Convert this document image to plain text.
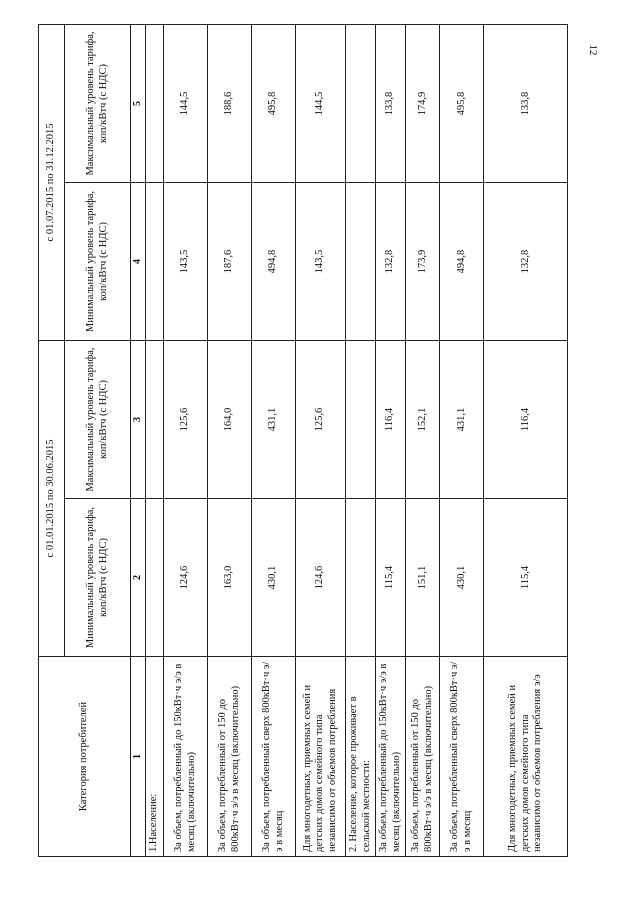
12
Категория потребителей	с 01.01.2015 по 30.06.2015		с 01.07.2015 по 31.12.2015	
	Минимальный уровень тарифа, коп/кВтч (с НДС)	Максимальный уровень тарифа, коп/кВтч (с НДС)	Минимальный уровень тарифа, коп/кВтч (с НДС)	Максимальный уровень тарифа, коп/кВтч (с НДС)
1	2	3	4	5
1.Население:				
За объем, потребленный до 150кВт·ч э/э в месяц (включительно)	124,6	125,6	143,5	144,5
За объем, потребленный от 150 до 800кВт·ч э/э в месяц (включительно)	163,0	164,0	187,6	188,6
За объем, потребленный сверх 800кВт·ч э/э в месяц	430,1	431,1	494,8	495,8
Для многодетных, приемных семей и детских домов семейного типа независимо от объемов потребления	124,6	125,6	143,5	144,5
2. Население, которое проживает в сельской местности:				
За объем, потребленный до 150кВт·ч э/э в месяц (включительно)	115,4	116,4	132,8	133,8
За объем, потребленный от 150 до 800кВт·ч э/э в месяц (включительно)	151,1	152,1	173,9	174,9
За объем, потребленный сверх 800кВт·ч э/э в месяц	430,1	431,1	494,8	495,8
Для многодетных, приемных семей и детских домов семейного типа независимо от объемов потребления э/э	115,4	116,4	132,8	133,8
